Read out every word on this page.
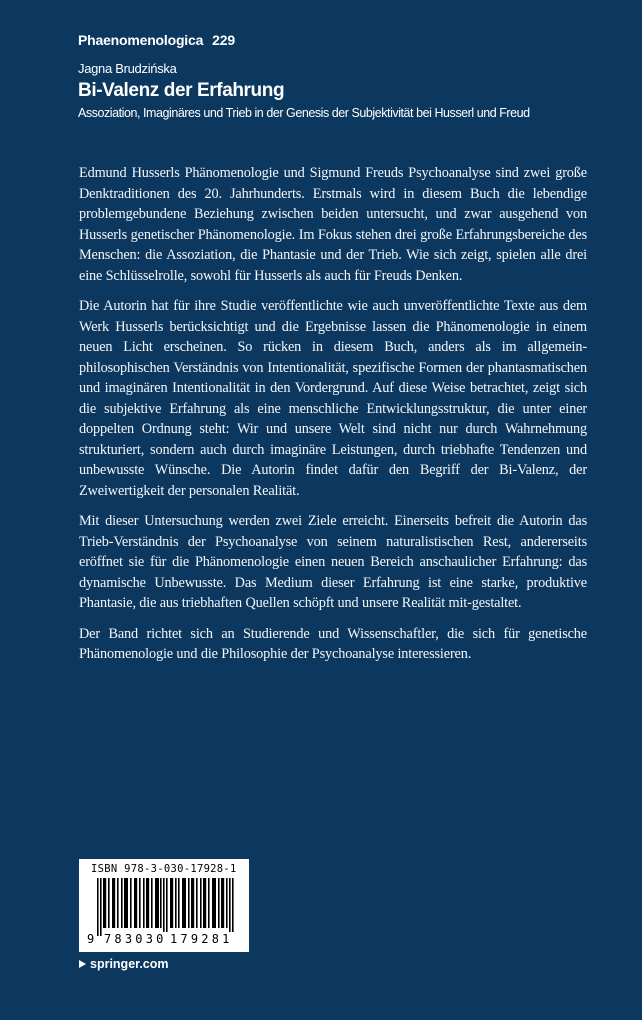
Phaenomenologica 229
Jagna Brudzińska
Bi-Valenz der Erfahrung
Assoziation, Imaginäres und Trieb in der Genesis der Subjektivität bei Husserl und Freud

Edmund Husserls Phänomenologie und Sigmund Freuds Psychoanalyse sind zwei große Denktraditionen des 20. Jahrhunderts. Erstmals wird in diesem Buch die lebendige problemgebundene Beziehung zwischen beiden untersucht, und zwar ausgehend von Husserls genetischer Phänomenologie. Im Fokus stehen drei große Erfahrungsbereiche des Menschen: die Assoziation, die Phantasie und der Trieb. Wie sich zeigt, spielen alle drei eine Schlüsselrolle, sowohl für Husserls als auch für Freuds Denken.

Die Autorin hat für ihre Studie veröffentlichte wie auch unveröffentlichte Texte aus dem Werk Husserls berücksichtigt und die Ergebnisse lassen die Phänomenologie in einem neuen Licht erscheinen. So rücken in diesem Buch, anders als im allgemein-philosophischen Verständnis von Intentionalität, spezifische Formen der phantasmatischen und imaginären Intentionalität in den Vordergrund. Auf diese Weise betrachtet, zeigt sich die subjektive Erfahrung als eine menschliche Entwicklungsstruktur, die unter einer doppelten Ordnung steht: Wir und unsere Welt sind nicht nur durch Wahrnehmung strukturiert, sondern auch durch imaginäre Leistungen, durch triebhafte Tendenzen und unbewusste Wünsche. Die Autorin findet dafür den Begriff der Bi-Valenz, der Zweiwertigkeit der personalen Realität.

Mit dieser Untersuchung werden zwei Ziele erreicht. Einerseits befreit die Autorin das Trieb-Verständnis der Psychoanalyse von seinem naturalistischen Rest, andererseits eröffnet sie für die Phänomenologie einen neuen Bereich anschaulicher Erfahrung: das dynamische Unbewusste. Das Medium dieser Erfahrung ist eine starke, produktive Phantasie, die aus triebhaften Quellen schöpft und unsere Realität mit-gestaltet.

Der Band richtet sich an Studierende und Wissenschaftler, die sich für genetische Phänomenologie und die Philosophie der Psychoanalyse interessieren.

ISBN 978-3-030-17928-1
9 783030 179281
springer.com
